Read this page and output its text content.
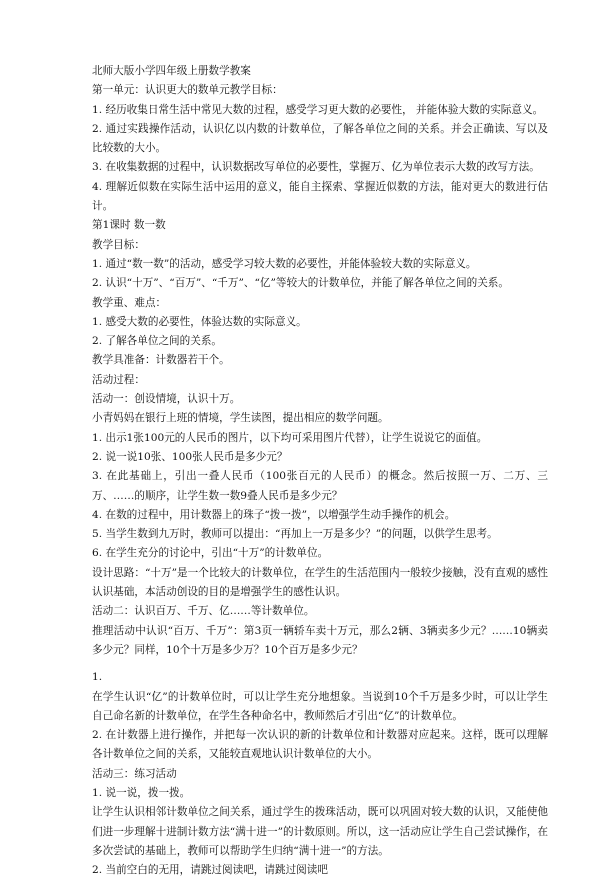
北师大版小学四年级上册数学教案
第一单元：认识更大的数单元教学目标：
1. 经历收集日常生活中常见大数的过程，感受学习更大数的必要性， 并能体验大数的实际意义。
2. 通过实践操作活动，认识亿以内数的计数单位，了解各单位之间的关系。并会正确读、写以及比较数的大小。
3. 在收集数据的过程中，认识数据改写单位的必要性，掌握万、亿为单位表示大数的改写方法。
4. 理解近似数在实际生活中运用的意义，能自主探索、掌握近似数的方法，能对更大的数进行估计。
第1课时 数一数
教学目标：
1. 通过“数一数”的活动，感受学习较大数的必要性，并能体验较大数的实际意义。
2. 认识“十万”、“百万”、“千万”、“亿”等较大的计数单位，并能了解各单位之间的关系。
教学重、难点：
1. 感受大数的必要性，体验达数的实际意义。
2. 了解各单位之间的关系。
教学具准备：计数器若干个。
活动过程：
活动一：创设情境，认识十万。
小青妈妈在银行上班的情境，学生读图，提出相应的数学问题。
1. 出示1张100元的人民币的图片，以下均可采用图片代替），让学生说说它的面值。
2. 说一说10张、100张人民币是多少元？
3. 在此基础上，引出一叠人民币（100张百元的人民币）的概念。然后按照一万、二万、三万、……的顺序，让学生数一数9叠人民币是多少元？
4. 在数的过程中，用计数器上的珠子“拨一拨”，以增强学生动手操作的机会。
5. 当学生数到九万时，教师可以提出：“再加上一万是多少？”的问题，以供学生思考。
6. 在学生充分的讨论中，引出“十万”的计数单位。
设计思路：“十万”是一个比较大的计数单位，在学生的生活范围内一般较少接触，没有直观的感性认识基础，本活动创设的目的是增强学生的感性认识。
活动二：认识百万、千万、亿……等计数单位。
推理活动中认识“百万、千万”：第3页一辆轿车卖十万元，那么2辆、3辆卖多少元？……10辆卖多少元？同样，10个十万是多少万？10个百万是多少元？
1.
在学生认识“亿”的计数单位时，可以让学生充分地想象。当说到10个千万是多少时，可以让学生自己命名新的计数单位，在学生各种命名中，教师然后才引出“亿”的计数单位。
2. 在计数器上进行操作，并把每一次认识的新的计数单位和计数器对应起来。这样，既可以理解各计数单位之间的关系，又能较直观地认识计数单位的大小。
活动三：练习活动
1. 说一说，拨一拨。
让学生认识相邻计数单位之间关系，通过学生的拨珠活动，既可以巩固对较大数的认识，又能使他们进一步理解十进制计数方法“满十进一”的计数原则。所以，这一活动应让学生自己尝试操作，在多次尝试的基础上，教师可以帮助学生归纳“满十进一”的方法。
2. 当前空白的无用，请跳过阅读吧，请跳过阅读吧
